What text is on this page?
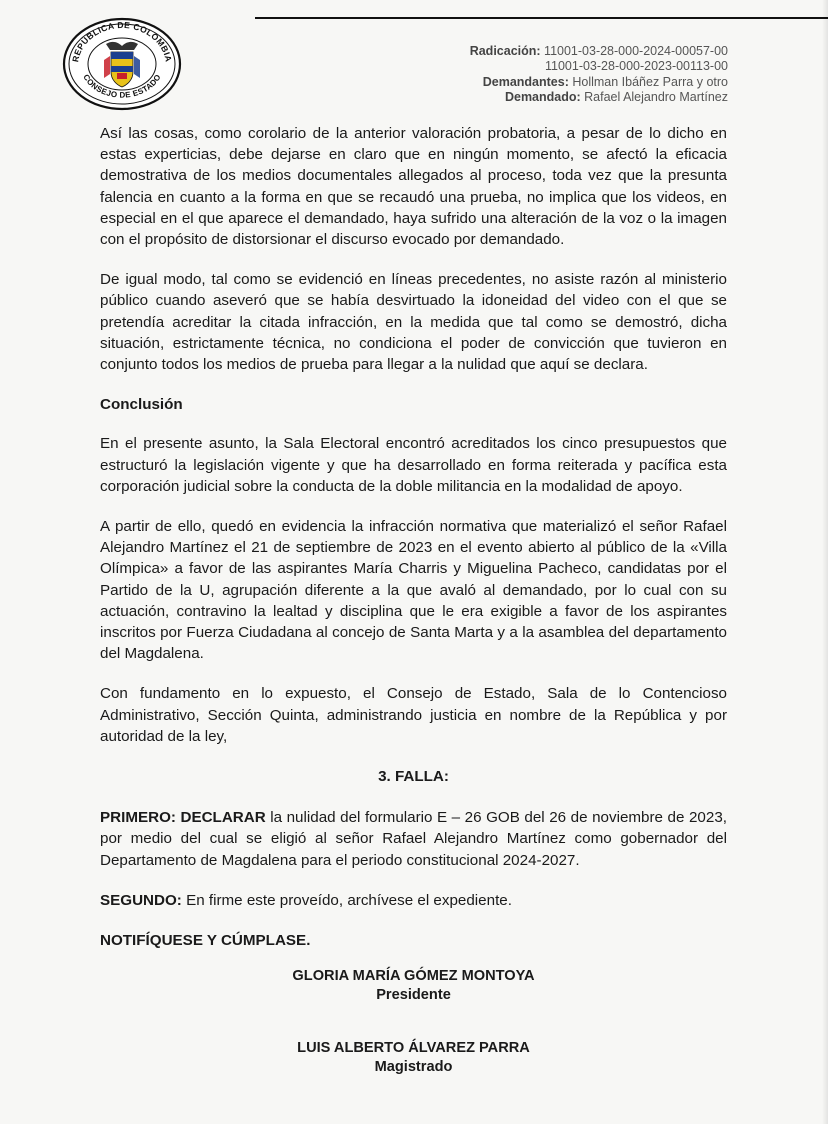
REPÚBLICA DE COLOMBIA
CONSEJO DE ESTADO
Radicación: 11001-03-28-000-2024-00057-00
11001-03-28-000-2023-00113-00
Demandantes: Hollman Ibáñez Parra y otro
Demandado: Rafael Alejandro Martínez

Así las cosas, como corolario de la anterior valoración probatoria, a pesar de lo dicho en estas experticias, debe dejarse en claro que en ningún momento, se afectó la eficacia demostrativa de los medios documentales allegados al proceso, toda vez que la presunta falencia en cuanto a la forma en que se recaudó una prueba, no implica que los videos, en especial en el que aparece el demandado, haya sufrido una alteración de la voz o la imagen con el propósito de distorsionar el discurso evocado por demandado.

De igual modo, tal como se evidenció en líneas precedentes, no asiste razón al ministerio público cuando aseveró que se había desvirtuado la idoneidad del video con el que se pretendía acreditar la citada infracción, en la medida que tal como se demostró, dicha situación, estrictamente técnica, no condiciona el poder de convicción que tuvieron en conjunto todos los medios de prueba para llegar a la nulidad que aquí se declara.

Conclusión

En el presente asunto, la Sala Electoral encontró acreditados los cinco presupuestos que estructuró la legislación vigente y que ha desarrollado en forma reiterada y pacífica esta corporación judicial sobre la conducta de la doble militancia en la modalidad de apoyo.

A partir de ello, quedó en evidencia la infracción normativa que materializó el señor Rafael Alejandro Martínez el 21 de septiembre de 2023 en el evento abierto al público de la «Villa Olímpica» a favor de las aspirantes María Charris y Miguelina Pacheco, candidatas por el Partido de la U, agrupación diferente a la que avaló al demandado, por lo cual con su actuación, contravino la lealtad y disciplina que le era exigible a favor de los aspirantes inscritos por Fuerza Ciudadana al concejo de Santa Marta y a la asamblea del departamento del Magdalena.

Con fundamento en lo expuesto, el Consejo de Estado, Sala de lo Contencioso Administrativo, Sección Quinta, administrando justicia en nombre de la República y por autoridad de la ley,

3. FALLA:

PRIMERO: DECLARAR la nulidad del formulario E – 26 GOB del 26 de noviembre de 2023, por medio del cual se eligió al señor Rafael Alejandro Martínez como gobernador del Departamento de Magdalena para el periodo constitucional 2024-2027.

SEGUNDO: En firme este proveído, archívese el expediente.

NOTIFÍQUESE Y CÚMPLASE.

GLORIA MARÍA GÓMEZ MONTOYA
Presidente
LUIS ALBERTO ÁLVAREZ PARRA
Magistrado
